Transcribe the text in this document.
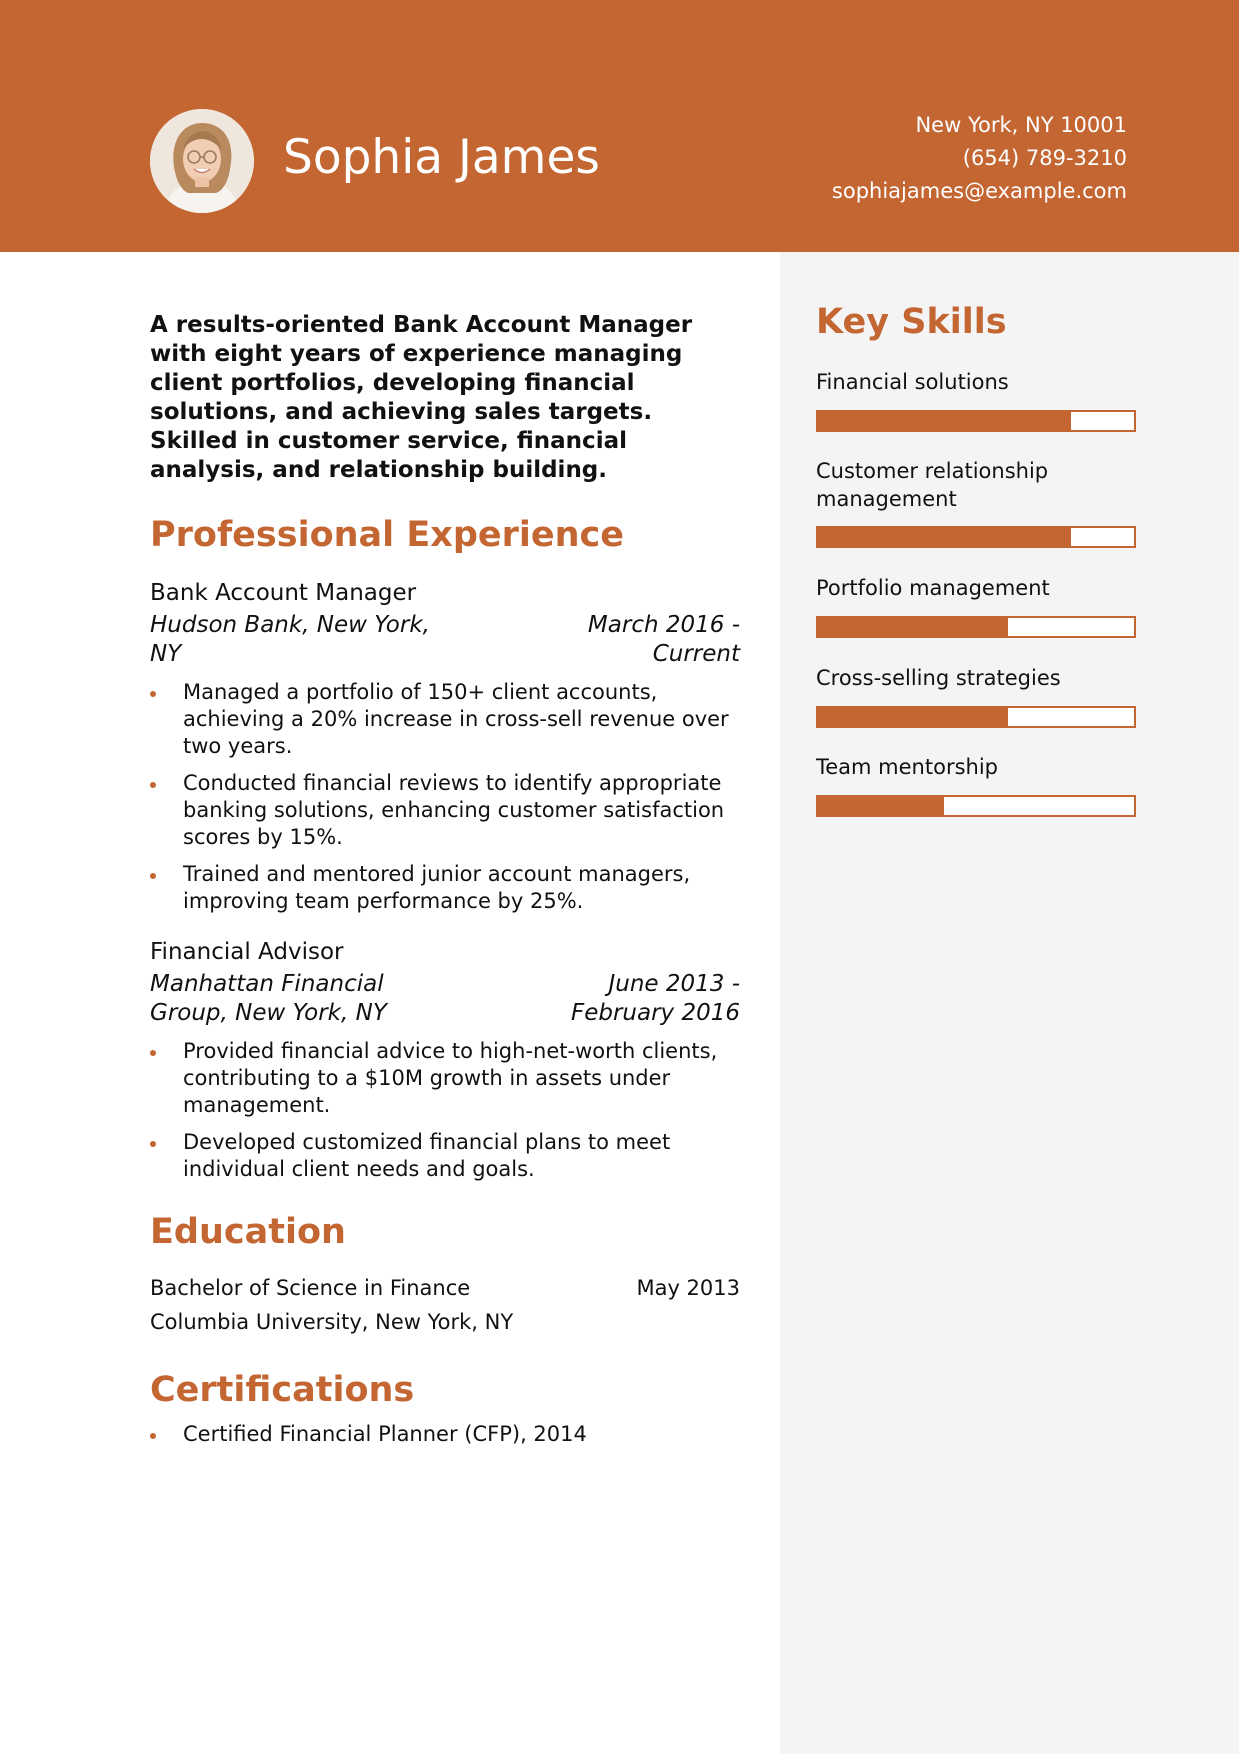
Sophia James
New York, NY 10001
(654) 789-3210
sophiajames@example.com

A results-oriented Bank Account Manager with eight years of experience managing client portfolios, developing financial solutions, and achieving sales targets. Skilled in customer service, financial analysis, and relationship building.

Professional Experience
Bank Account Manager
Hudson Bank, New York, NY
March 2016 - Current
Managed a portfolio of 150+ client accounts, achieving a 20% increase in cross-sell revenue over two years.
Conducted financial reviews to identify appropriate banking solutions, enhancing customer satisfaction scores by 15%.
Trained and mentored junior account managers, improving team performance by 25%.
Financial Advisor
Manhattan Financial Group, New York, NY
June 2013 - February 2016
Provided financial advice to high-net-worth clients, contributing to a $10M growth in assets under management.
Developed customized financial plans to meet individual client needs and goals.
Education
Bachelor of Science in Finance	May 2013
Columbia University, New York, NY
Certifications
Certified Financial Planner (CFP), 2014
Key Skills
Financial solutions
Customer relationship management
Portfolio management
Cross-selling strategies
Team mentorship
